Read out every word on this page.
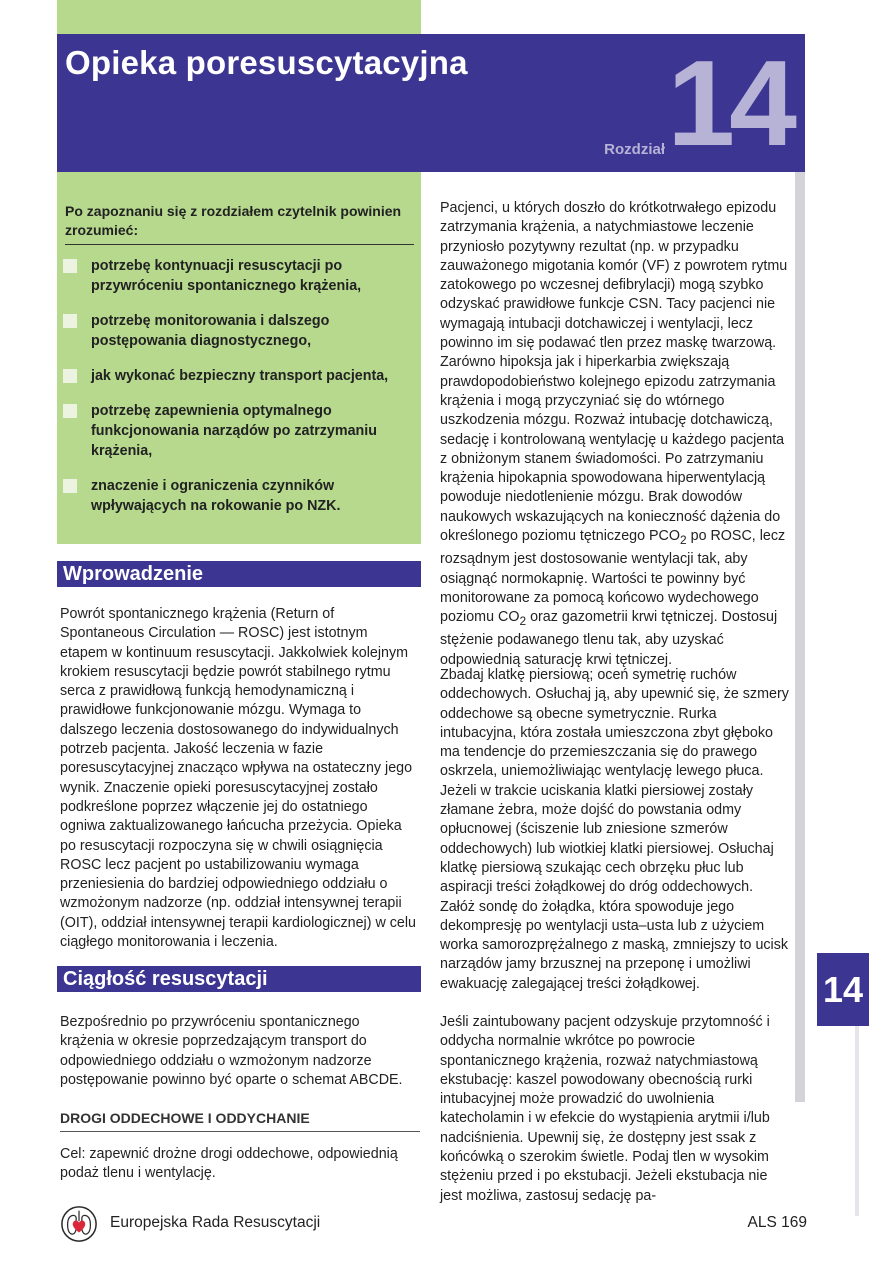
Opieka poresuscytacyjna
Rozdział 14
Po zapoznaniu się z rozdziałem czytelnik powinien zrozumieć:
potrzebę kontynuacji resuscytacji po przywróceniu spontanicznego krążenia,
potrzebę monitorowania i dalszego postępowania diagnostycznego,
jak wykonać bezpieczny transport pacjenta,
potrzebę zapewnienia optymalnego funkcjonowania narządów po zatrzymaniu krążenia,
znaczenie i ograniczenia czynników wpływających na rokowanie po NZK.
Wprowadzenie
Powrót spontanicznego krążenia (Return of Spontaneous Circulation — ROSC) jest istotnym etapem w kontinuum resuscytacji. Jakkolwiek kolejnym krokiem resuscytacji będzie powrót stabilnego rytmu serca z prawidłową funkcją hemodynamiczną i prawidłowe funkcjonowanie mózgu. Wymaga to dalszego leczenia dostosowanego do indywidualnych potrzeb pacjenta. Jakość leczenia w fazie poresuscytacyjnej znacząco wpływa na ostateczny jego wynik. Znaczenie opieki poresuscytacyjnej zostało podkreślone poprzez włączenie jej do ostatniego ogniwa zaktualizowanego łańcucha przeżycia. Opieka po resuscytacji rozpoczyna się w chwili osiągnięcia ROSC lecz pacjent po ustabilizowaniu wymaga przeniesienia do bardziej odpowiedniego oddziału o wzmożonym nadzorze (np. oddział intensywnej terapii (OIT), oddział intensywnej terapii kardiologicznej) w celu ciągłego monitorowania i leczenia.
Ciągłość resuscytacji
Bezpośrednio po przywróceniu spontanicznego krążenia w okresie poprzedzającym transport do odpowiedniego oddziału o wzmożonym nadzorze postępowanie powinno być oparte o schemat ABCDE.
DROGI ODDECHOWE I ODDYCHANIE
Cel: zapewnić drożne drogi oddechowe, odpowiednią podaż tlenu i wentylację.
Pacjenci, u których doszło do krótkotrwałego epizodu zatrzymania krążenia, a natychmiastowe leczenie przyniosło pozytywny rezultat (np. w przypadku zauważonego migotania komór (VF) z powrotem rytmu zatokowego po wczesnej defibrylacji) mogą szybko odzyskać prawidłowe funkcje CSN. Tacy pacjenci nie wymagają intubacji dotchawiczej i wentylacji, lecz powinno im się podawać tlen przez maskę twarzową. Zarówno hipoksja jak i hiperkarbia zwiększają prawdopodobieństwo kolejnego epizodu zatrzymania krążenia i mogą przyczyniać się do wtórnego uszkodzenia mózgu. Rozważ intubację dotchawiczą, sedację i kontrolowaną wentylację u każdego pacjenta z obniżonym stanem świadomości. Po zatrzymaniu krążenia hipokapnia spowodowana hiperwentylacją powoduje niedotlenienie mózgu. Brak dowodów naukowych wskazujących na konieczność dążenia do określonego poziomu tętniczego $PCO_2$ po ROSC, lecz rozsądnym jest dostosowanie wentylacji tak, aby osiągnąć normokapnię. Wartości te powinny być monitorowane za pomocą końcowo wydechowego poziomu $CO_2$ oraz gazometrii krwi tętniczej. Dostosuj stężenie podawanego tlenu tak, aby uzyskać odpowiednią saturację krwi tętniczej.
Zbadaj klatkę piersiową; oceń symetrię ruchów oddechowych. Osłuchaj ją, aby upewnić się, że szmery oddechowe są obecne symetrycznie. Rurka intubacyjna, która została umieszczona zbyt głęboko ma tendencje do przemieszczania się do prawego oskrzela, uniemożliwiając wentylację lewego płuca. Jeżeli w trakcie uciskania klatki piersiowej zostały złamane żebra, może dojść do powstania odmy opłucnowej (ściszenie lub zniesione szmerów oddechowych) lub wiotkiej klatki piersiowej. Osłuchaj klatkę piersiową szukając cech obrzęku płuc lub aspiracji treści żołądkowej do dróg oddechowych. Załóż sondę do żołądka, która spowoduje jego dekompresję po wentylacji usta–usta lub z użyciem worka samorozprężalnego z maską, zmniejszy to ucisk narządów jamy brzusznej na przeponę i umożliwi ewakuację zalegającej treści żołądkowej.
Jeśli zaintubowany pacjent odzyskuje przytomność i oddycha normalnie wkrótce po powrocie spontanicznego krążenia, rozważ natychmiastową ekstubację: kaszel powodowany obecnością rurki intubacyjnej może prowadzić do uwolnienia katecholamin i w efekcie do wystąpienia arytmii i/lub nadciśnienia. Upewnij się, że dostępny jest ssak z końcówką o szerokim świetle. Podaj tlen w wysokim stężeniu przed i po ekstubacji. Jeżeli ekstubacja nie jest możliwa, zastosuj sedację pa-
14
Europejska Rada Resuscytacji	ALS 169
